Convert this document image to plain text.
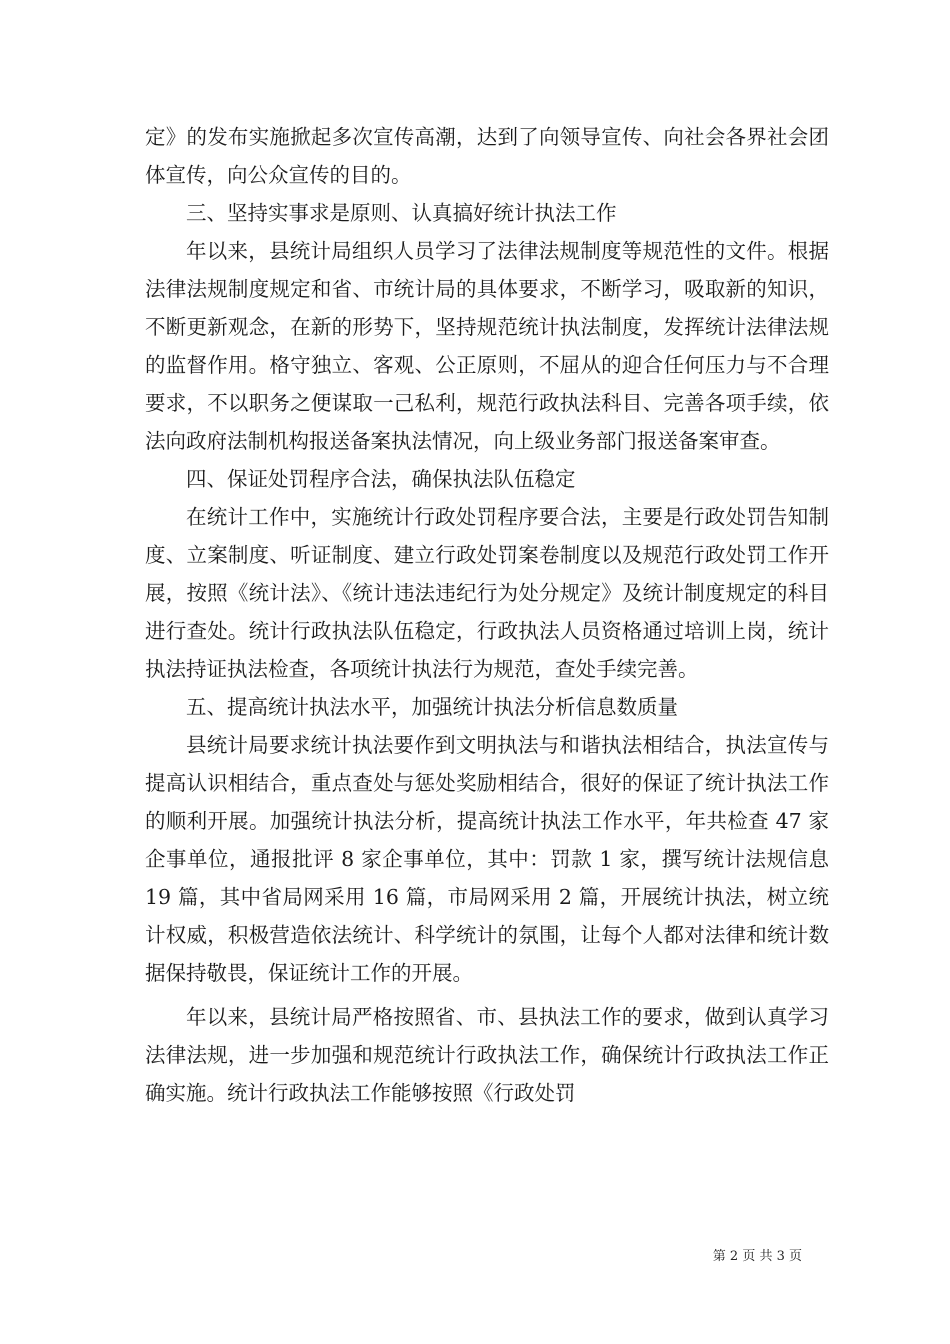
定》的发布实施掀起多次宣传高潮，达到了向领导宣传、向社会各界社会团体宣传，向公众宣传的目的。

三、坚持实事求是原则、认真搞好统计执法工作

年以来，县统计局组织人员学习了法律法规制度等规范性的文件。根据法律法规制度规定和省、市统计局的具体要求，不断学习，吸取新的知识，不断更新观念，在新的形势下，坚持规范统计执法制度，发挥统计法律法规的监督作用。格守独立、客观、公正原则，不屈从的迎合任何压力与不合理要求，不以职务之便谋取一己私利，规范行政执法科目、完善各项手续，依法向政府法制机构报送备案执法情况，向上级业务部门报送备案审查。

四、保证处罚程序合法，确保执法队伍稳定

在统计工作中，实施统计行政处罚程序要合法，主要是行政处罚告知制度、立案制度、听证制度、建立行政处罚案卷制度以及规范行政处罚工作开展，按照《统计法》、《统计违法违纪行为处分规定》及统计制度规定的科目进行查处。统计行政执法队伍稳定，行政执法人员资格通过培训上岗，统计执法持证执法检查，各项统计执法行为规范，查处手续完善。

五、提高统计执法水平，加强统计执法分析信息数质量

县统计局要求统计执法要作到文明执法与和谐执法相结合，执法宣传与提高认识相结合，重点查处与惩处奖励相结合，很好的保证了统计执法工作的顺利开展。加强统计执法分析，提高统计执法工作水平，年共检查 47 家企事单位，通报批评 8 家企事单位，其中：罚款 1 家，撰写统计法规信息 19 篇，其中省局网采用 16 篇，市局网采用 2 篇，开展统计执法，树立统计权威，积极营造依法统计、科学统计的氛围，让每个人都对法律和统计数据保持敬畏，保证统计工作的开展。

年以来，县统计局严格按照省、市、县执法工作的要求，做到认真学习法律法规，进一步加强和规范统计行政执法工作，确保统计行政执法工作正确实施。统计行政执法工作能够按照《行政处罚

第 2 页 共 3 页
